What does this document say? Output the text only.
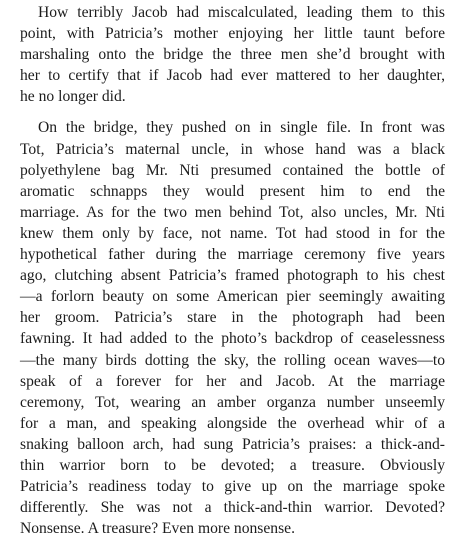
How terribly Jacob had miscalculated, leading them to this
point, with Patricia’s mother enjoying her little taunt before
marshaling onto the bridge the three men she’d brought with
her to certify that if Jacob had ever mattered to her daughter,
he no longer did.

On the bridge, they pushed on in single file. In front was
Tot, Patricia’s maternal uncle, in whose hand was a black
polyethylene bag Mr. Nti presumed contained the bottle of
aromatic schnapps they would present him to end the
marriage. As for the two men behind Tot, also uncles, Mr. Nti
knew them only by face, not name. Tot had stood in for the
hypothetical father during the marriage ceremony five years
ago, clutching absent Patricia’s framed photograph to his chest
—a forlorn beauty on some American pier seemingly awaiting
her groom. Patricia’s stare in the photograph had been
fawning. It had added to the photo’s backdrop of ceaselessness
—the many birds dotting the sky, the rolling ocean waves—to
speak of a forever for her and Jacob. At the marriage
ceremony, Tot, wearing an amber organza number unseemly
for a man, and speaking alongside the overhead whir of a
snaking balloon arch, had sung Patricia’s praises: a thick-and-
thin warrior born to be devoted; a treasure. Obviously
Patricia’s readiness today to give up on the marriage spoke
differently. She was not a thick-and-thin warrior. Devoted?
Nonsense. A treasure? Even more nonsense.
